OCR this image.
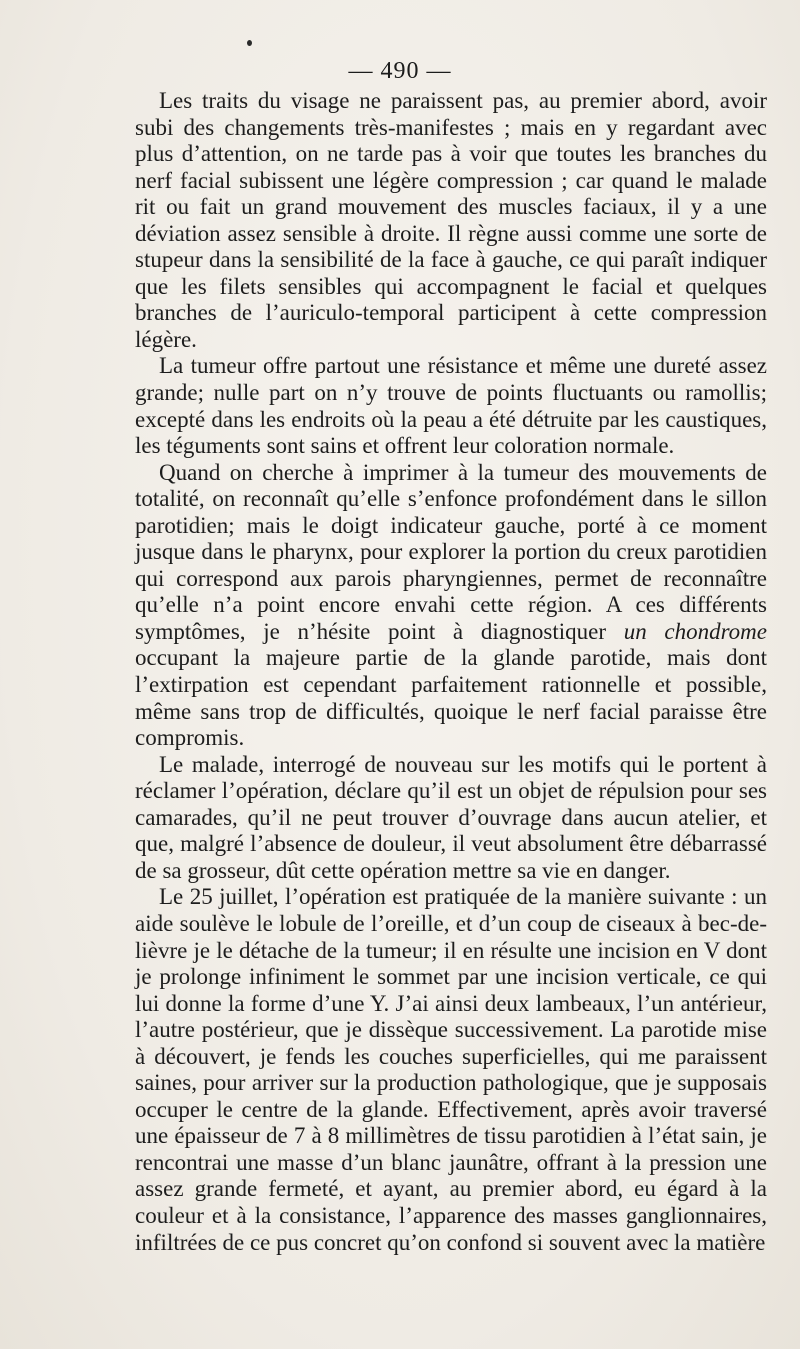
— 490 —

Les traits du visage ne paraissent pas, au premier abord, avoir subi des changements très-manifestes ; mais en y regardant avec plus d’attention, on ne tarde pas à voir que toutes les branches du nerf facial subissent une légère compression ; car quand le malade rit ou fait un grand mouvement des muscles faciaux, il y a une déviation assez sensible à droite. Il règne aussi comme une sorte de stupeur dans la sensibilité de la face à gauche, ce qui paraît indiquer que les filets sensibles qui accompagnent le facial et quelques branches de l’auriculo-temporal participent à cette compression légère.

La tumeur offre partout une résistance et même une dureté assez grande; nulle part on n’y trouve de points fluctuants ou ramollis; excepté dans les endroits où la peau a été détruite par les caustiques, les téguments sont sains et offrent leur coloration normale.

Quand on cherche à imprimer à la tumeur des mouvements de totalité, on reconnaît qu’elle s’enfonce profondément dans le sillon parotidien; mais le doigt indicateur gauche, porté à ce moment jusque dans le pharynx, pour explorer la portion du creux parotidien qui correspond aux parois pharyngiennes, permet de reconnaître qu’elle n’a point encore envahi cette région. A ces différents symptômes, je n’hésite point à diagnostiquer un chondrome occupant la majeure partie de la glande parotide, mais dont l’extirpation est cependant parfaitement rationnelle et possible, même sans trop de difficultés, quoique le nerf facial paraisse être compromis.

Le malade, interrogé de nouveau sur les motifs qui le portent à réclamer l’opération, déclare qu’il est un objet de répulsion pour ses camarades, qu’il ne peut trouver d’ouvrage dans aucun atelier, et que, malgré l’absence de douleur, il veut absolument être débarrassé de sa grosseur, dût cette opération mettre sa vie en danger.

Le 25 juillet, l’opération est pratiquée de la manière suivante : un aide soulève le lobule de l’oreille, et d’un coup de ciseaux à bec-de-lièvre je le détache de la tumeur; il en résulte une incision en V dont je prolonge infiniment le sommet par une incision verticale, ce qui lui donne la forme d’une Y. J’ai ainsi deux lambeaux, l’un antérieur, l’autre postérieur, que je dissèque successivement. La parotide mise à découvert, je fends les couches superficielles, qui me paraissent saines, pour arriver sur la production pathologique, que je supposais occuper le centre de la glande. Effectivement, après avoir traversé une épaisseur de 7 à 8 millimètres de tissu parotidien à l’état sain, je rencontrai une masse d’un blanc jaunâtre, offrant à la pression une assez grande fermeté, et ayant, au premier abord, eu égard à la couleur et à la consistance, l’apparence des masses ganglionnaires, infiltrées de ce pus concret qu’on confond si souvent avec la matière
